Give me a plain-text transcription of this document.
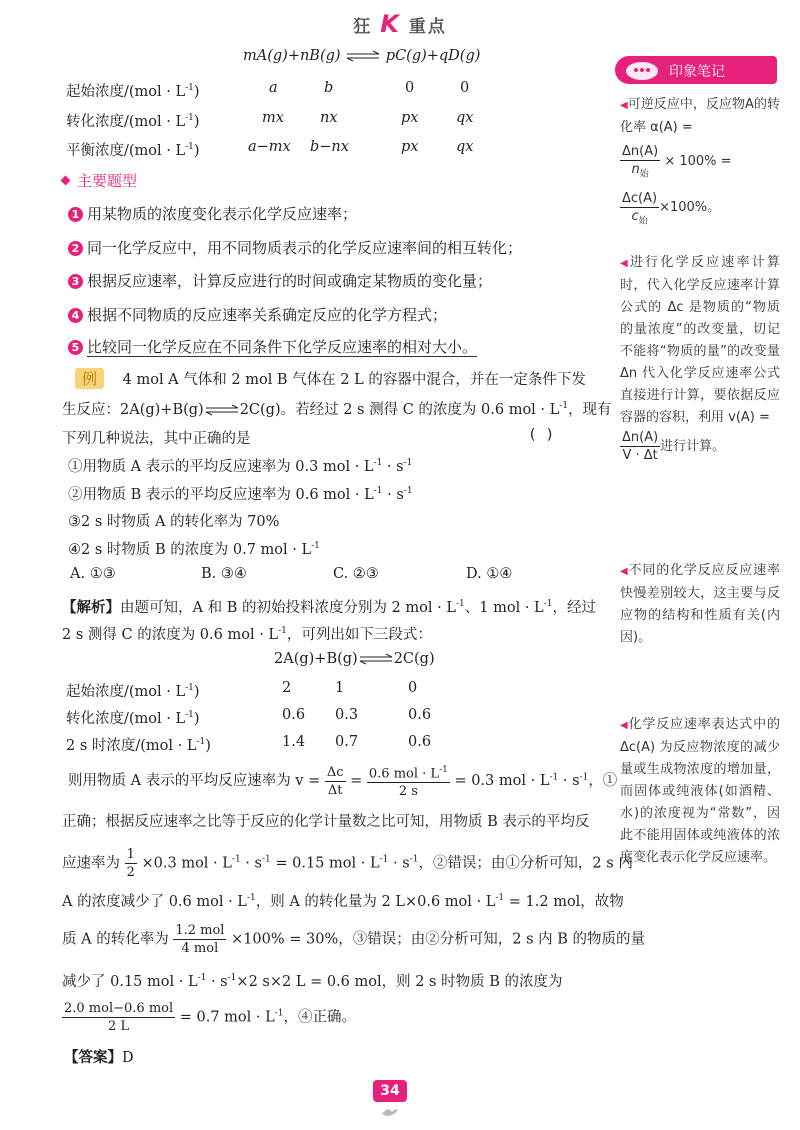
狂 K 重点
印象笔记
mA(g)+nB(g) ⇌ pC(g)+qD(g)
起始浓度$/(mol \cdot L^{-1})$	a	b	0	0
转化浓度$/(mol \cdot L^{-1})$	mx nx	px	qx
平衡浓度$/(mol \cdot L^{-1})$	a−mx b−nx	px	qx
主要题型
1 用某物质的浓度变化表示化学反应速率；
2 同一化学反应中，用不同物质表示的化学反应速率间的相互转化；
3 根据反应速率，计算反应进行的时间或确定某物质的变化量；
4 根据不同物质的反应速率关系确定反应的化学方程式；
5 比较同一化学反应在不同条件下化学反应速率的相对大小。
例 4 mol A 气体和 2 mol B 气体在 2 L 的容器中混合，并在一定条件下发
生反应：2A(g)+B(g)⇌2C(g)。若经过 2 s 测得 C 的浓度为 0.6 mol · $L^{-1}$，现有
下列几种说法，其中正确的是	( )
①用物质 A 表示的平均反应速率为 0.3 mol · $L^{-1} \cdot s^{-1}$
②用物质 B 表示的平均反应速率为 0.6 mol · $L^{-1} \cdot s^{-1}$
③2 s 时物质 A 的转化率为 70%
④2 s 时物质 B 的浓度为 0.7 mol · $L^{-1}$
A. ①③	B. ③④	C. ②③	D. ①④
【解析】由题可知，A 和 B 的初始投料浓度分别为 2 mol · $L^{-1}$、1 mol · $L^{-1}$，经过
2 s 测得 C 的浓度为 0.6 mol · $L^{-1}$，可列出如下三段式：
2A(g)+B(g)⇌2C(g)
起始浓度$/(mol \cdot L^{-1})$	2	1	0
转化浓度$/(mol \cdot L^{-1})$	0.6 0.3	0.6
2 s 时浓度$/(mol \cdot L^{-1})$	1.4 0.7	0.6
则用物质 A 表示的平均反应速率为 $v = \frac{\Delta c}{\Delta t} = \frac{0.6 mol \cdot L^{-1}}{2 s} = 0.3$ mol · $L^{-1} \cdot s^{-1}$，①
正确；根据反应速率之比等于反应的化学计量数之比可知，用物质 B 表示的平均反
应速率为 $\frac{1}{2} \times 0.3$ mol · $L^{-1} \cdot s^{-1} = 0.15$ mol · $L^{-1} \cdot s^{-1}$，②错误；由①分析可知，2 s 内
A 的浓度减少了 0.6 mol · $L^{-1}$，则 A 的转化量为 2 L×0.6 mol · $L^{-1} = 1.2$ mol，故物
质 A 的转化率为 $\frac{\text{1.2 mol}}{\text{4 mol}} \times 100\% = 30\%$，③错误；由②分析可知，2 s 内 B 的物质的量
减少了 0.15 mol · $L^{-1} \cdot s^{-1}\times 2$ s×2 L = 0.6 mol，则 2 s 时物质 B 的浓度为
$\frac{\text{2.0 mol−0.6 mol}}{2 L} = 0.7$ mol · $L^{-1}$，④正确。
【答案】D
◀可逆反应中，反应物A的转化率 α(A) =

$\frac{\Delta n(A)}{n_始} \times 100\%$ =

$\frac{\Delta c(A)}{c_始} \times 100\%$。
◀进行化学反应速率计算时，代入化学反应速率计算公式的 Δc 是物质的“物质的量浓度”的改变量，切记不能将“物质的量”的改变量 Δn 代入化学反应速率公式直接进行计算，要依据反应容器的容积，利用 v(A) =

$\frac{\Delta n(A)}{V \cdot \Delta t}$ 进行计算。
◀不同的化学反应反应速率快慢差别较大，这主要与反应物的结构和性质有关(内因)。
◀化学反应速率表达式中的 Δc(A) 为反应物浓度的减少量或生成物浓度的增加量，而固体或纯液体(如酒精、水)的浓度视为“常数”，因此不能用固体或纯液体的浓度变化表示化学反应速率。
34
